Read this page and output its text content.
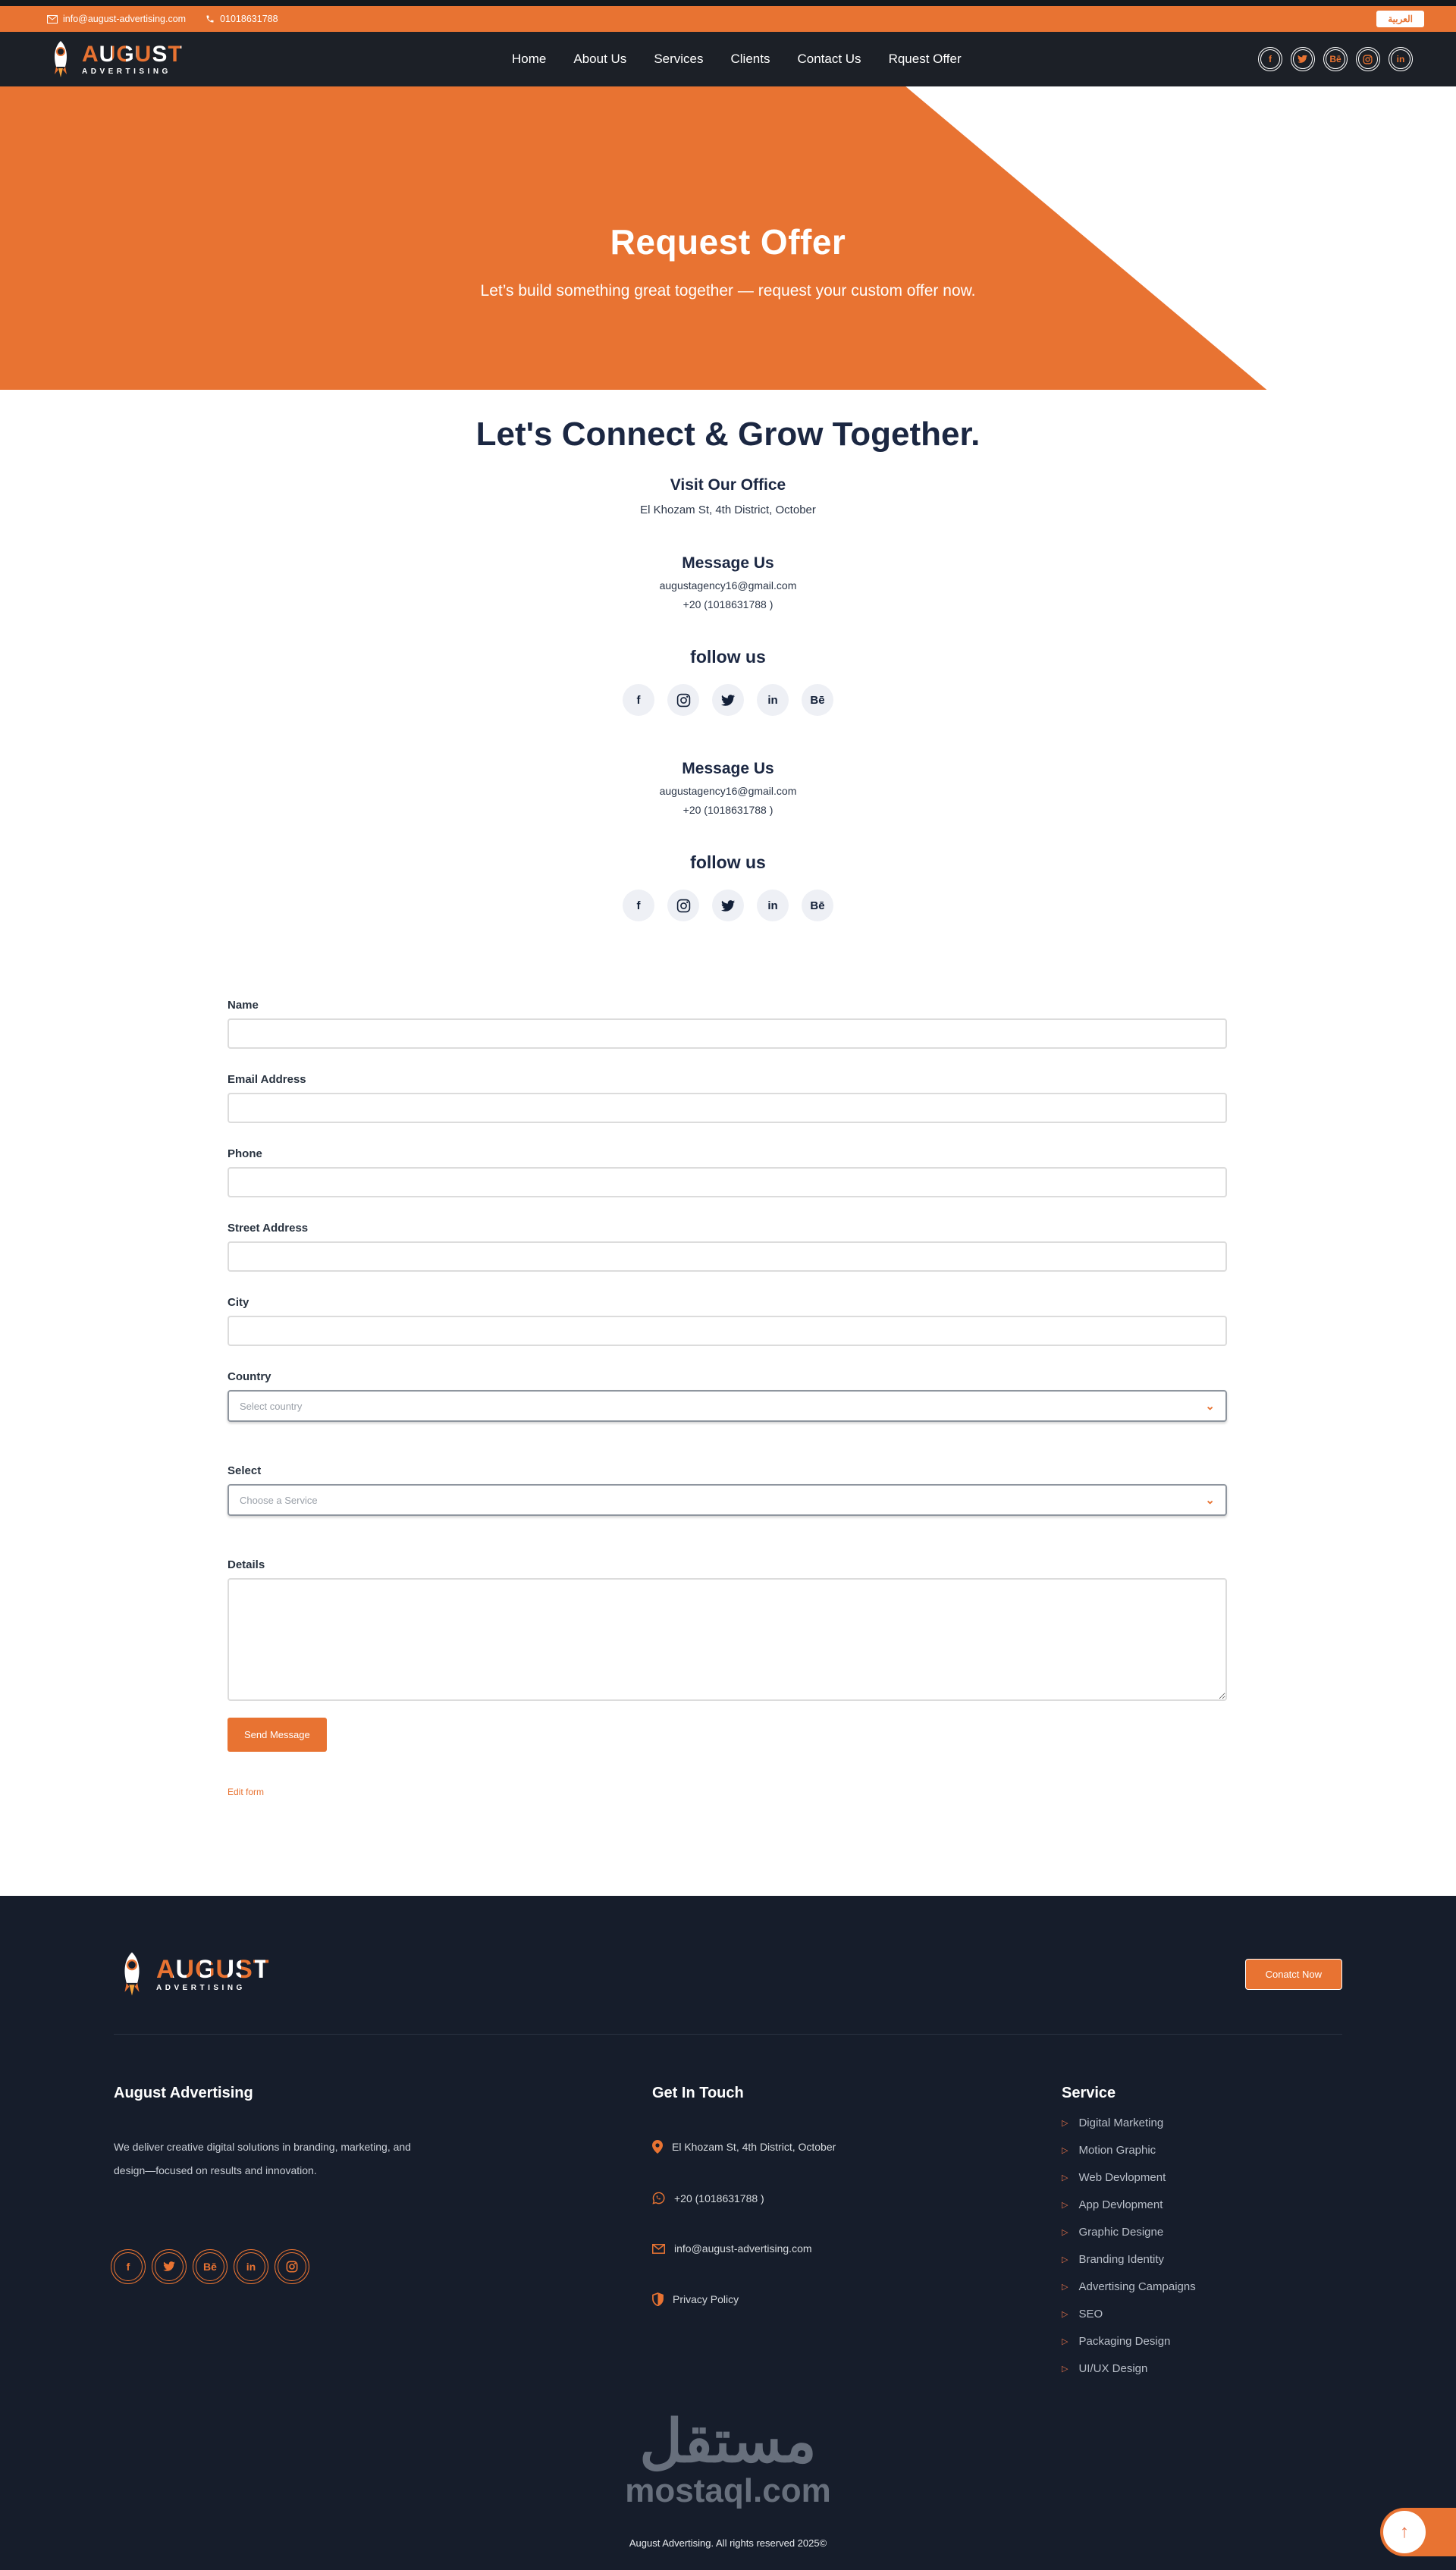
info@august-advertising.com	01018631788	العربية
AUGUST
ADVERTISING
Home About Us Services Clients Contact Us Rquest Offer	f	Bē	in
Request Offer
Let’s build something great together — request your custom offer now.
Let's Connect & Grow Together.
Visit Our Office
El Khozam St, 4th District, October
Message Us
augustagency16@gmail.com
+20 (1018631788 )
follow us
f	in	Bē
Message Us
augustagency16@gmail.com
+20 (1018631788 )
follow us
f	in	Bē
Name
Email Address
Phone
Street Address
City
Country
Select country	⌄
Select
Choose a Service	⌄
Details
Send Message
Edit form
AUGUST
ADVERTISING
Conatct Now
August Advertising

We deliver creative digital solutions in branding, marketing, and design—focused on results and innovation.

f	Bē	in
Get In Touch
El Khozam St, 4th District, October
+20 (1018631788 )
info@august-advertising.com
Privacy Policy
Service
▷ Digital Marketing
▷ Motion Graphic
▷ Web Devlopment
▷ App Devlopment
▷ Graphic Designe
▷ Branding Identity
▷ Advertising Campaigns
▷ SEO
▷ Packaging Design
▷ UI/UX Design
مستقل
mostaql.com
August Advertising. All rights reserved 2025©
↑
